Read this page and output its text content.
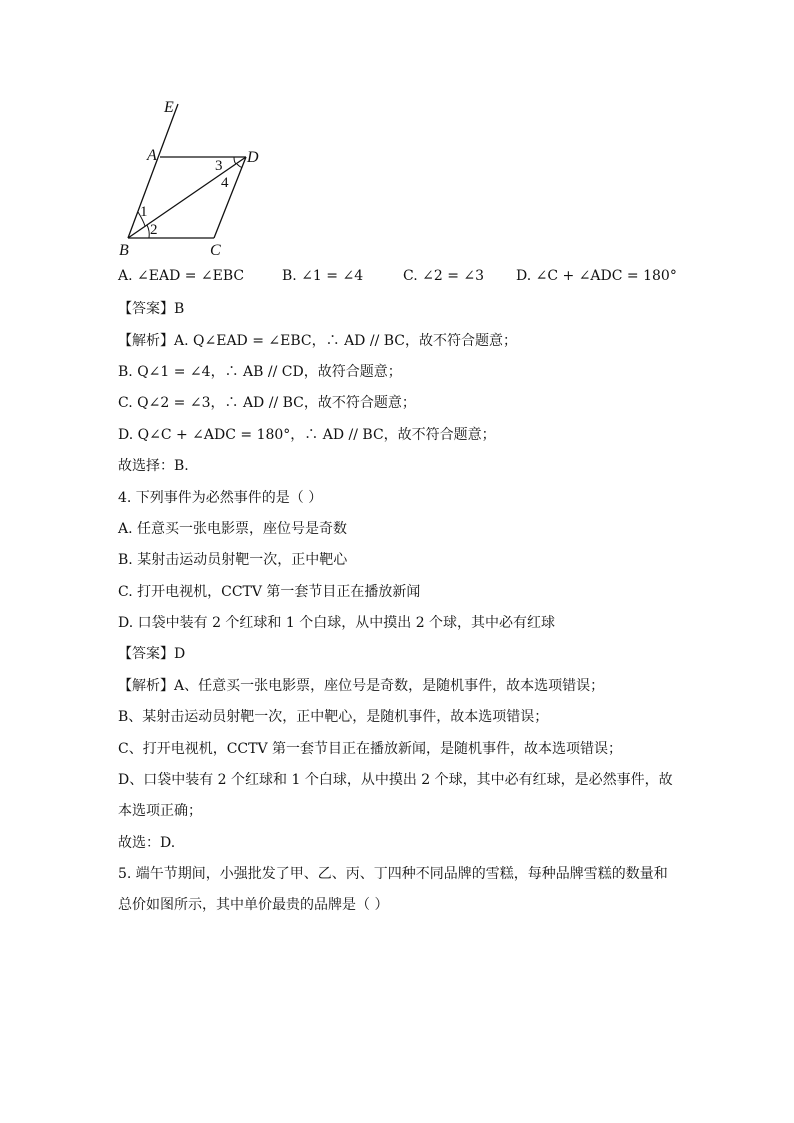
E
A	D
B	C
1
2
3
4
A. ∠EAD = ∠EBC	B. ∠1 = ∠4	C. ∠2 = ∠3 D. ∠C + ∠ADC = 180°
【答案】B
【解析】A. Q∠EAD = ∠EBC，∴ AD // BC，故不符合题意；
B. Q∠1 = ∠4，∴ AB // CD，故符合题意；
C. Q∠2 = ∠3，∴ AD // BC，故不符合题意；
D. Q∠C + ∠ADC = 180°，∴ AD // BC，故不符合题意；
故选择：B.
4. 下列事件为必然事件的是（ ）
A. 任意买一张电影票，座位号是奇数
B. 某射击运动员射靶一次，正中靶心
C. 打开电视机，CCTV 第一套节目正在播放新闻
D. 口袋中装有 2 个红球和 1 个白球，从中摸出 2 个球，其中必有红球
【答案】D
【解析】A、任意买一张电影票，座位号是奇数，是随机事件，故本选项错误；
B、某射击运动员射靶一次，正中靶心，是随机事件，故本选项错误；
C、打开电视机，CCTV 第一套节目正在播放新闻，是随机事件，故本选项错误；
D、口袋中装有 2 个红球和 1 个白球，从中摸出 2 个球，其中必有红球，是必然事件，故
本选项正确；
故选：D.
5. 端午节期间，小强批发了甲、乙、丙、丁四种不同品牌的雪糕，每种品牌雪糕的数量和
总价如图所示，其中单价最贵的品牌是（ ）
